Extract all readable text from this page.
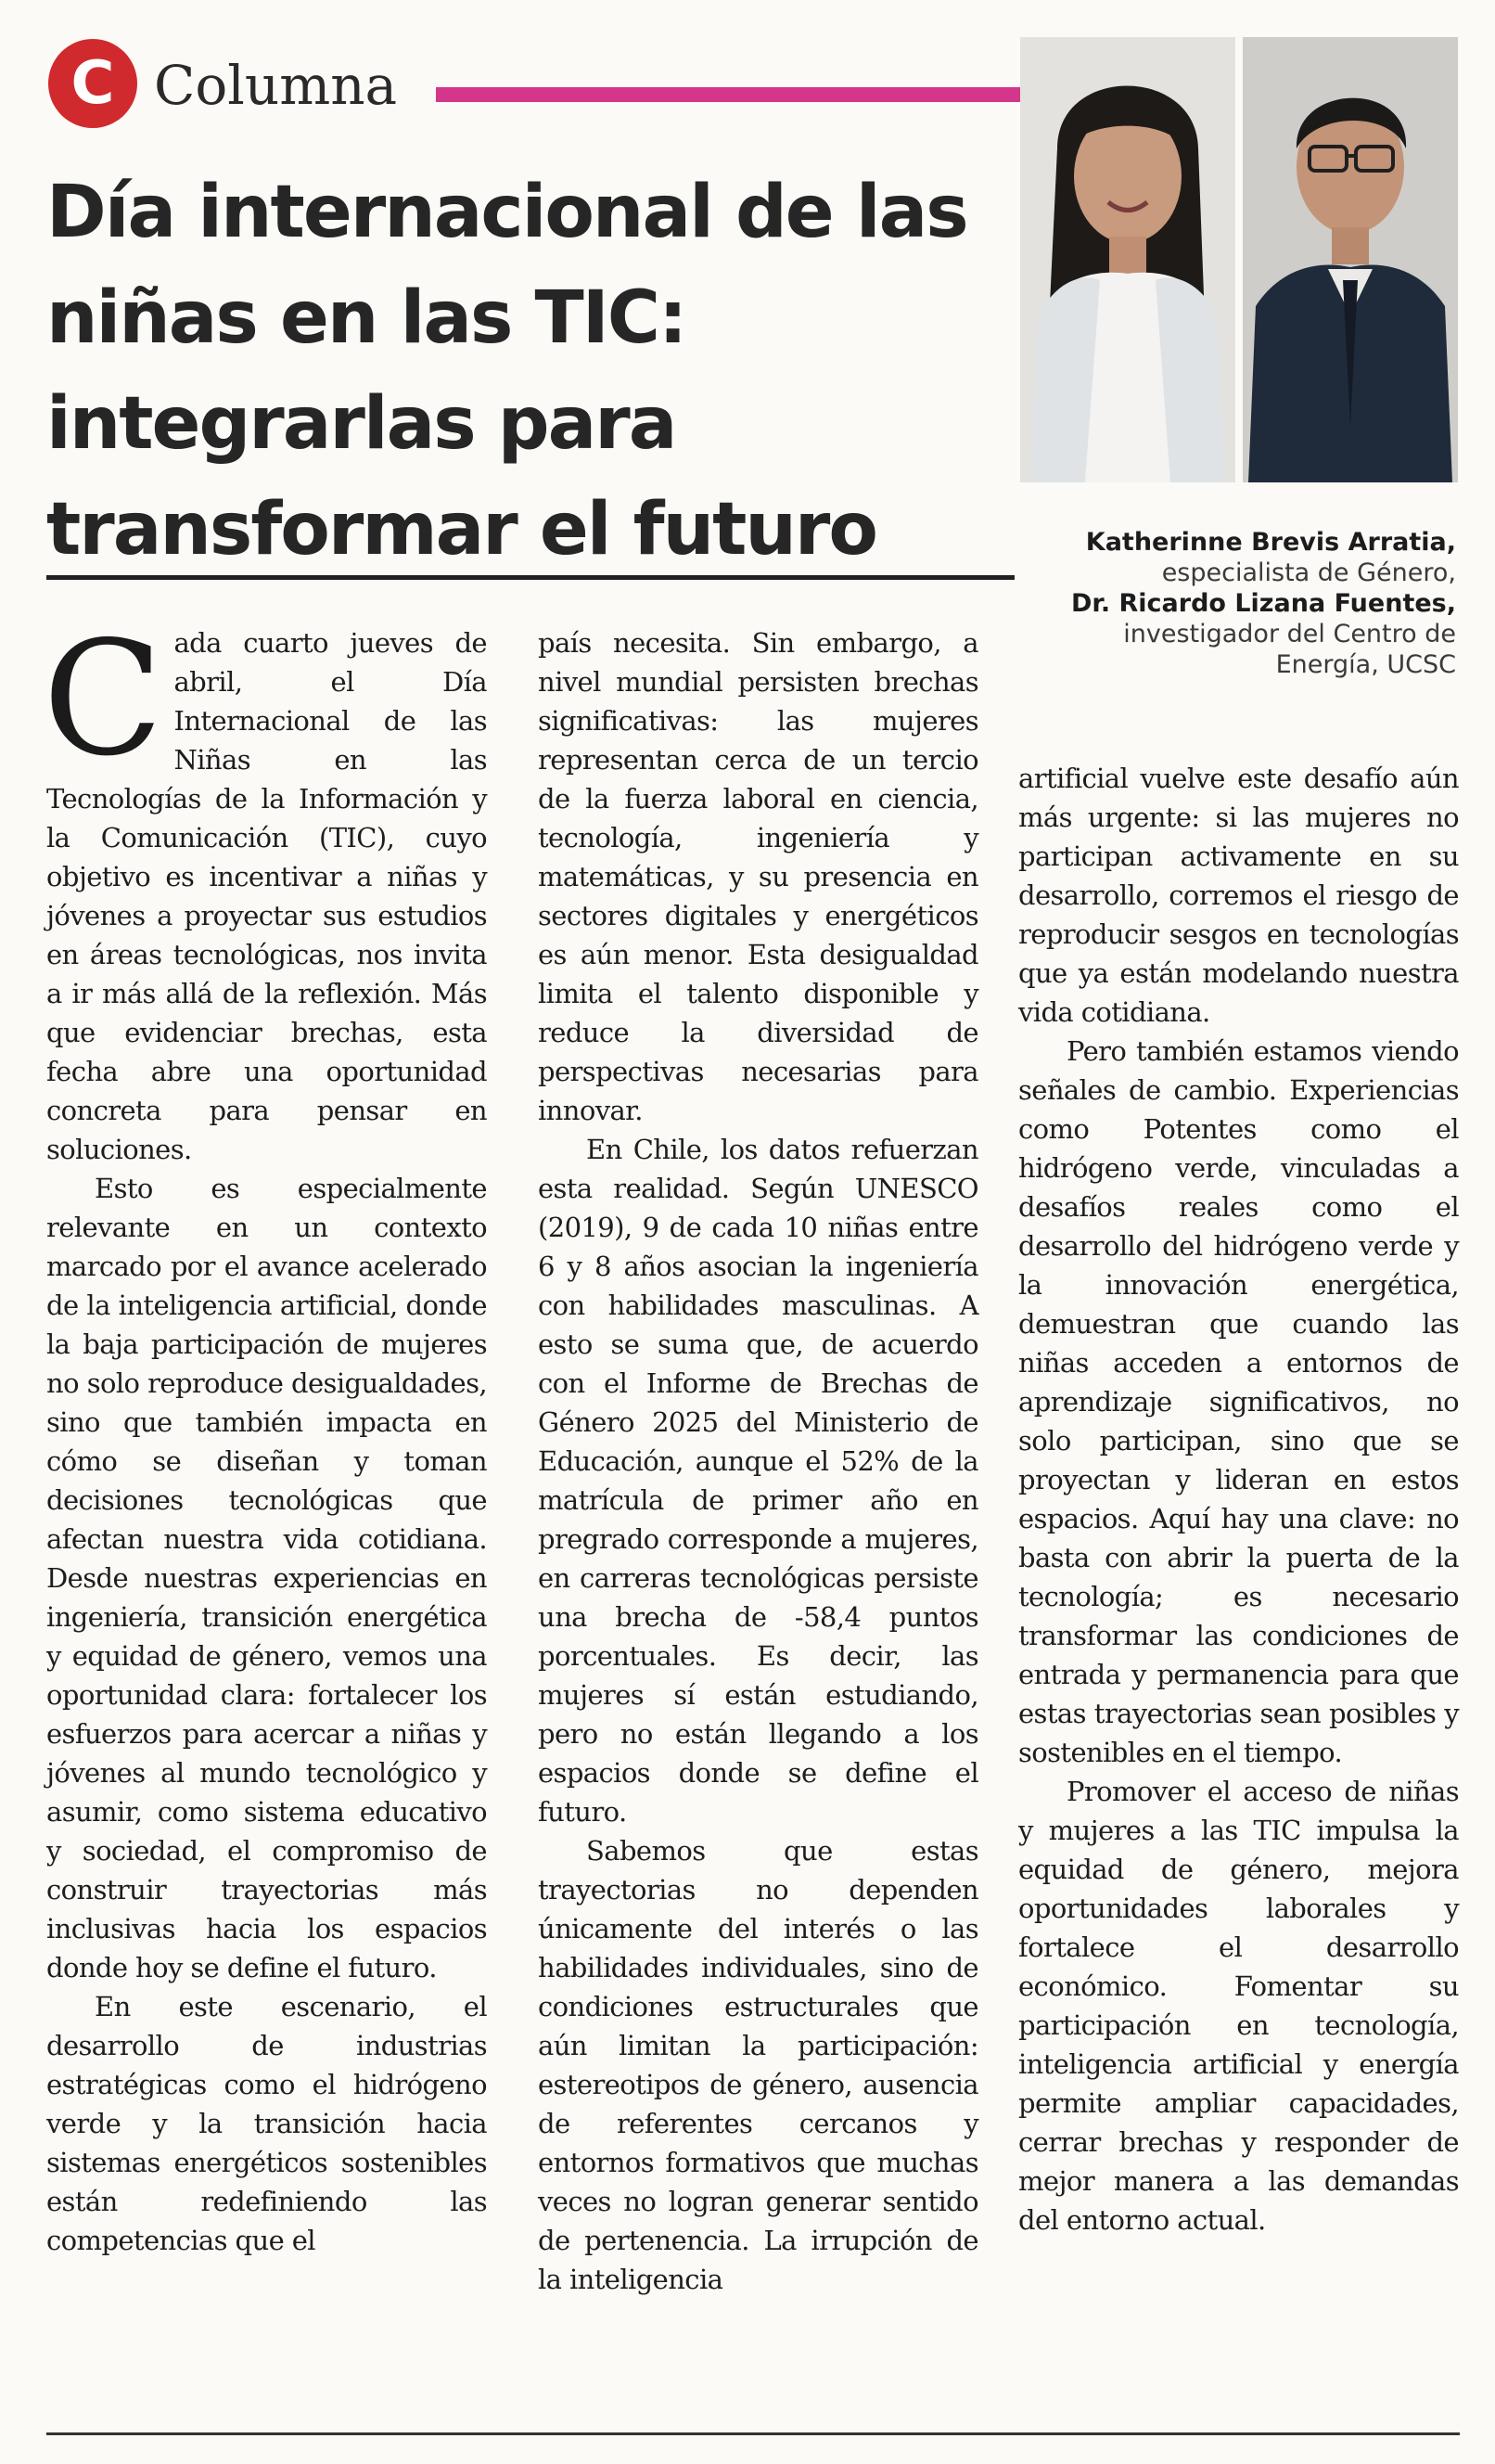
C Columna
Día internacional de las niñas en las TIC: integrarlas para transformar el futuro	Katherinne Brevis Arratia,
especialista de Género,
Dr. Ricardo Lizana Fuentes,
investigador del Centro de Energía, UCSC

Cada cuarto jueves de abril, el Día Internacional de las Niñas en las Tecnologías de la Información y la Comunicación (TIC), cuyo objetivo es incentivar a niñas y jóvenes a proyectar sus estudios en áreas tecnológicas, nos invita a ir más allá de la reflexión. Más que evidenciar brechas, esta fecha abre una oportunidad concreta para pensar en soluciones.

Esto es especialmente relevante en un contexto marcado por el avance acelerado de la inteligencia artificial, donde la baja participación de mujeres no solo reproduce desigualdades, sino que también impacta en cómo se diseñan y toman decisiones tecnológicas que afectan nuestra vida cotidiana. Desde nuestras experiencias en ingeniería, transición energética y equidad de género, vemos una oportunidad clara: fortalecer los esfuerzos para acercar a niñas y jóvenes al mundo tecnológico y asumir, como sistema educativo y sociedad, el compromiso de construir trayectorias más inclusivas hacia los espacios donde hoy se define el futuro.

En este escenario, el desarrollo de industrias estratégicas como el hidrógeno verde y la transición hacia sistemas energéticos sostenibles están redefiniendo las competencias que el

país necesita. Sin embargo, a nivel mundial persisten brechas significativas: las mujeres representan cerca de un tercio de la fuerza laboral en ciencia, tecnología, ingeniería y matemáticas, y su presencia en sectores digitales y energéticos es aún menor. Esta desigualdad limita el talento disponible y reduce la diversidad de perspectivas necesarias para innovar.

En Chile, los datos refuerzan esta realidad. Según UNESCO (2019), 9 de cada 10 niñas entre 6 y 8 años asocian la ingeniería con habilidades masculinas. A esto se suma que, de acuerdo con el Informe de Brechas de Género 2025 del Ministerio de Educación, aunque el 52% de la matrícula de primer año en pregrado corresponde a mujeres, en carreras tecnológicas persiste una brecha de -58,4 puntos porcentuales. Es decir, las mujeres sí están estudiando, pero no están llegando a los espacios donde se define el futuro.

Sabemos que estas trayectorias no dependen únicamente del interés o las habilidades individuales, sino de condiciones estructurales que aún limitan la participación: estereotipos de género, ausencia de referentes cercanos y entornos formativos que muchas veces no logran generar sentido de pertenencia. La irrupción de la inteligencia

artificial vuelve este desafío aún más urgente: si las mujeres no participan activamente en su desarrollo, corremos el riesgo de reproducir sesgos en tecnologías que ya están modelando nuestra vida cotidiana.

Pero también estamos viendo señales de cambio. Experiencias como Potentes como el hidrógeno verde, vinculadas a desafíos reales como el desarrollo del hidrógeno verde y la innovación energética, demuestran que cuando las niñas acceden a entornos de aprendizaje significativos, no solo participan, sino que se proyectan y lideran en estos espacios. Aquí hay una clave: no basta con abrir la puerta de la tecnología; es necesario transformar las condiciones de entrada y permanencia para que estas trayectorias sean posibles y sostenibles en el tiempo.

Promover el acceso de niñas y mujeres a las TIC impulsa la equidad de género, mejora oportunidades laborales y fortalece el desarrollo económico. Fomentar su participación en tecnología, inteligencia artificial y energía permite ampliar capacidades, cerrar brechas y responder de mejor manera a las demandas del entorno actual.
